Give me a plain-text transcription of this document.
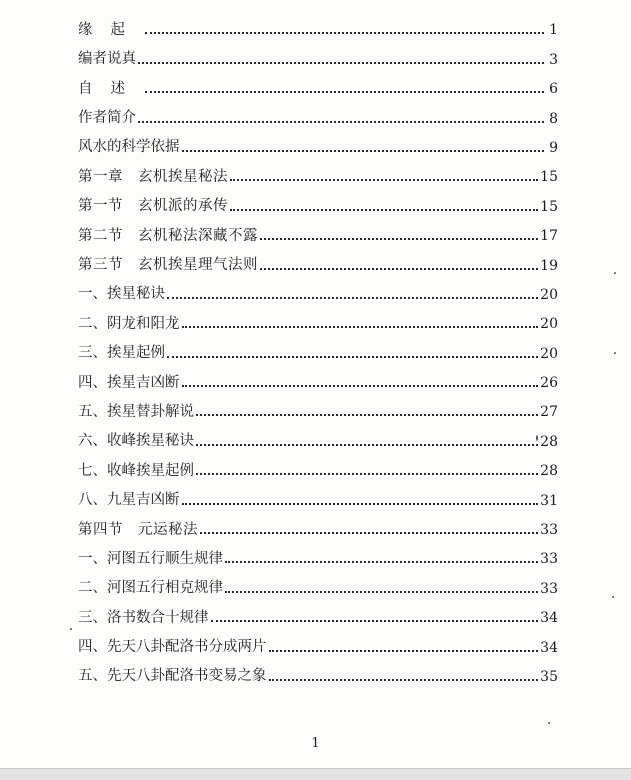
缘起	1
编者说真	3
自述	6
作者简介	8
风水的科学依据	9
第一章　玄机挨星秘法	15
第一节　玄机派的承传	15
第二节　玄机秘法深藏不露	17
第三节　玄机挨星理气法则	19
一、挨星秘诀	20
二、阴龙和阳龙	20
三、挨星起例	20
四、挨星吉凶断	26
五、挨星替卦解说	27
六、收峰挨星秘诀	28
七、收峰挨星起例	28
八、九星吉凶断	31
第四节　元运秘法	33
一、河图五行顺生规律	33
二、河图五行相克规律	33
三、洛书数合十规律	34
四、先天八卦配洛书分成两片	34
五、先天八卦配洛书变易之象	35
1
